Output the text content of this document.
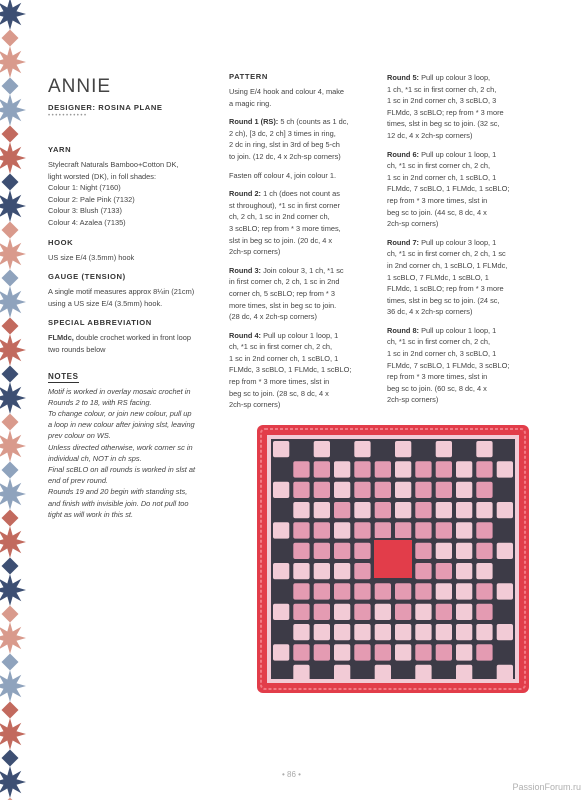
ANNIE
DESIGNER: ROSINA PLANE
•••••••••••
YARN

Stylecraft Naturals Bamboo+Cotton DK,

light worsted (DK), in foll shades:

Colour 1: Night (7160)

Colour 2: Pale Pink (7132)

Colour 3: Blush (7133)

Colour 4: Azalea (7135)

HOOK

US size E/4 (3.5mm) hook

GAUGE (TENSION)

A single motif measures approx 8¼in (21cm)

using a US size E/4 (3.5mm) hook.

SPECIAL ABBREVIATION

FLMdc, double crochet worked in front loop

two rounds below

NOTES

Motif is worked in overlay mosaic crochet in

Rounds 2 to 18, with RS facing.

To change colour, or join new colour, pull up

a loop in new colour after joining slst, leaving

prev colour on WS.

Unless directed otherwise, work corner sc in

individual ch, NOT in ch sps.

Final scBLO on all rounds is worked in slst at

end of prev round.

Rounds 19 and 20 begin with standing sts,

and finish with invisible join. Do not pull too

tight as will work in this st.

PATTERN
Using E/4 hook and colour 4, make
a magic ring.
Round 1 (RS): 5 ch (counts as 1 dc,
2 ch), [3 dc, 2 ch] 3 times in ring,
2 dc in ring, slst in 3rd of beg 5-ch
to join. (12 dc, 4 x 2ch-sp corners)
Fasten off colour 4, join colour 1.
Round 2: 1 ch (does not count as
st throughout), *1 sc in first corner
ch, 2 ch, 1 sc in 2nd corner ch,
3 scBLO; rep from * 3 more times,
slst in beg sc to join. (20 dc, 4 x
2ch-sp corners)
Round 3: Join colour 3, 1 ch, *1 sc
in first corner ch, 2 ch, 1 sc in 2nd
corner ch, 5 scBLO; rep from * 3
more times, slst in beg sc to join.
(28 dc, 4 x 2ch-sp corners)
Round 4: Pull up colour 1 loop, 1
ch, *1 sc in first corner ch, 2 ch,
1 sc in 2nd corner ch, 1 scBLO, 1
FLMdc, 3 scBLO, 1 FLMdc, 1 scBLO;
rep from * 3 more times, slst in
beg sc to join. (28 sc, 8 dc, 4 x
2ch-sp corners)
Round 5: Pull up colour 3 loop,
1 ch, *1 sc in first corner ch, 2 ch,
1 sc in 2nd corner ch, 3 scBLO, 3
FLMdc, 3 scBLO; rep from * 3 more
times, slst in beg sc to join. (32 sc,
12 dc, 4 x 2ch-sp corners)
Round 6: Pull up colour 1 loop, 1
ch, *1 sc in first corner ch, 2 ch,
1 sc in 2nd corner ch, 1 scBLO, 1
FLMdc, 7 scBLO, 1 FLMdc, 1 scBLO;
rep from * 3 more times, slst in
beg sc to join. (44 sc, 8 dc, 4 x
2ch-sp corners)
Round 7: Pull up colour 3 loop, 1
ch, *1 sc in first corner ch, 2 ch, 1 sc
in 2nd corner ch, 1 scBLO, 1 FLMdc,
1 scBLO, 7 FLMdc, 1 scBLO, 1
FLMdc, 1 scBLO; rep from * 3 more
times, slst in beg sc to join. (24 sc,
36 dc, 4 x 2ch-sp corners)
Round 8: Pull up colour 1 loop, 1
ch, *1 sc in first corner ch, 2 ch,
1 sc in 2nd corner ch, 3 scBLO, 1
FLMdc, 7 scBLO, 1 FLMdc, 3 scBLO;
rep from * 3 more times, slst in
beg sc to join. (60 sc, 8 dc, 4 x
2ch-sp corners)
• 86 •
PassionForum.ru
